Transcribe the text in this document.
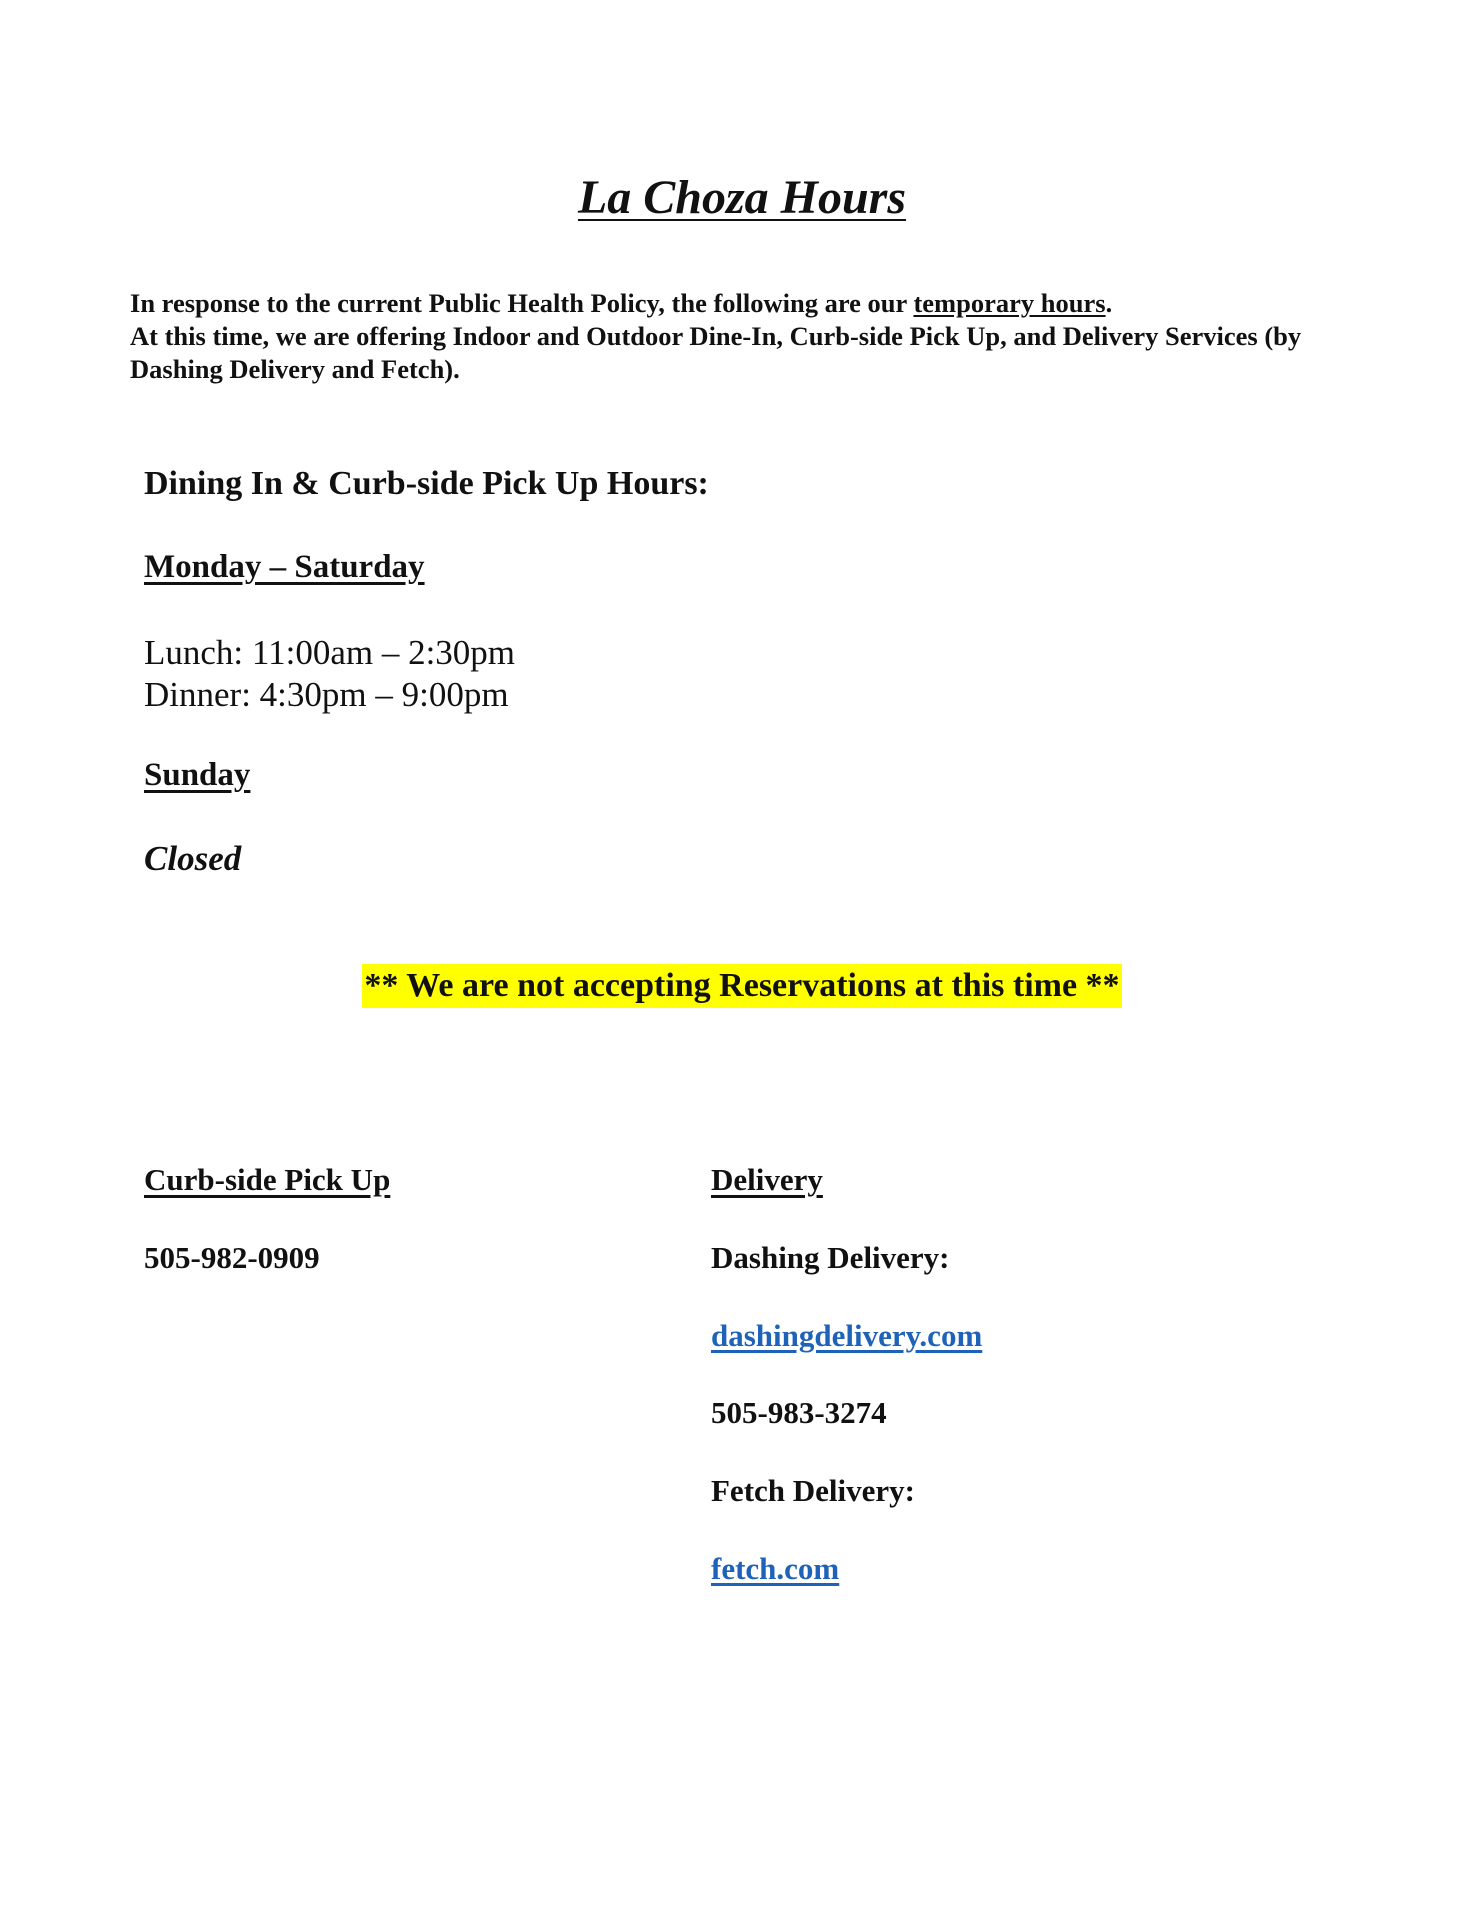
La Choza Hours

In response to the current Public Health Policy, the following are our temporary hours.
At this time, we are offering Indoor and Outdoor Dine-In, Curb-side Pick Up, and Delivery Services (by Dashing Delivery and Fetch).

Dining In & Curb-side Pick Up Hours:
Monday – Saturday
Lunch: 11:00am – 2:30pm
Dinner: 4:30pm – 9:00pm
Sunday
Closed
** We are not accepting Reservations at this time **
Curb-side Pick Up
505-982-0909
Delivery
Dashing Delivery:
dashingdelivery.com
505-983-3274
Fetch Delivery:
fetch.com
